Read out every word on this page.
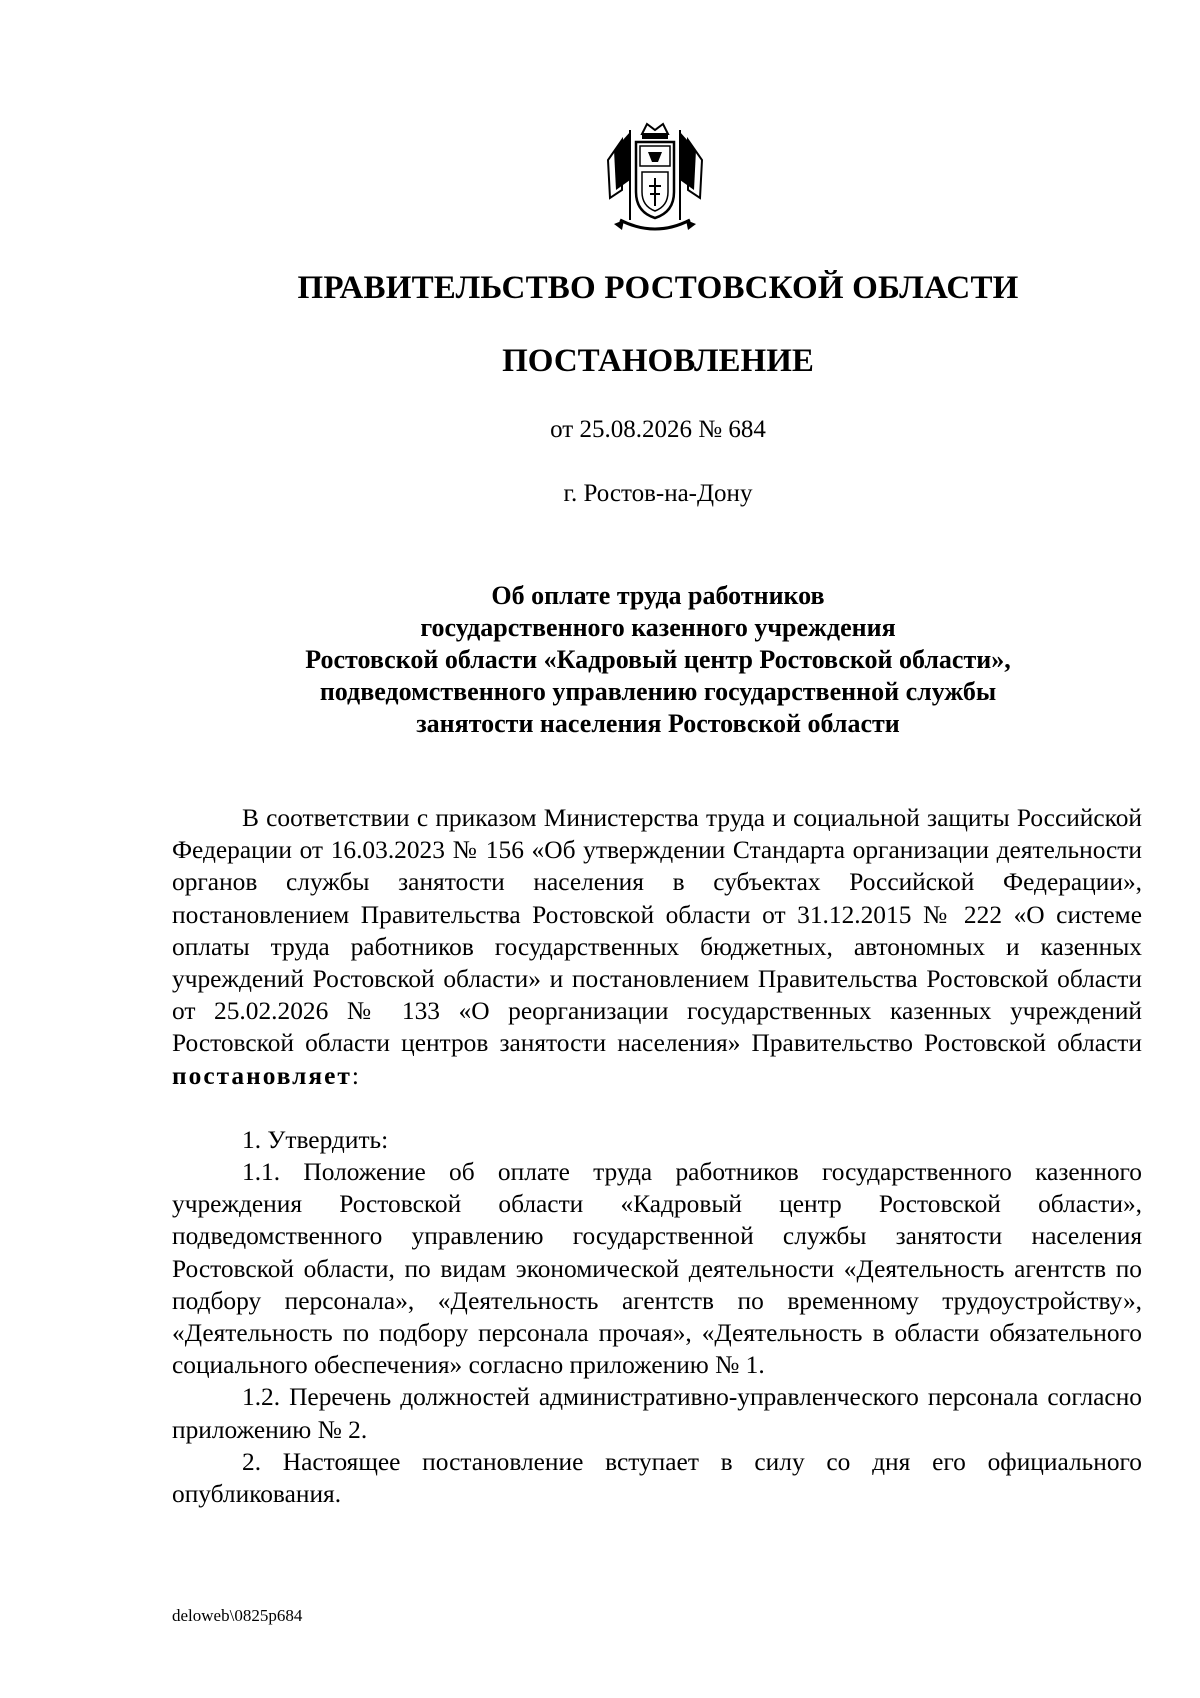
ПРАВИТЕЛЬСТВО РОСТОВСКОЙ ОБЛАСТИ
ПОСТАНОВЛЕНИЕ
от 25.08.2026 № 684
г. Ростов-на-Дону
Об оплате труда работников
государственного казенного учреждения
Ростовской области «Кадровый центр Ростовской области»,
подведомственного управлению государственной службы
занятости населения Ростовской области

В соответствии с приказом Министерства труда и социальной защиты Российской Федерации от 16.03.2023 № 156 «Об утверждении Стандарта организации деятельности органов службы занятости населения в субъектах Российской Федерации», постановлением Правительства Ростовской области от 31.12.2015 № 222 «О системе оплаты труда работников государственных бюджетных, автономных и казенных учреждений Ростовской области» и постановлением Правительства Ростовской области от 25.02.2026 № 133 «О реорганизации государственных казенных учреждений Ростовской области центров занятости населения» Правительство Ростовской области постановляет:

1. Утвердить:

1.1. Положение об оплате труда работников государственного казенного учреждения Ростовской области «Кадровый центр Ростовской области», подведомственного управлению государственной службы занятости населения Ростовской области, по видам экономической деятельности «Деятельность агентств по подбору персонала», «Деятельность агентств по временному трудоустройству», «Деятельность по подбору персонала прочая», «Деятельность в области обязательного социального обеспечения» согласно приложению № 1.

1.2. Перечень должностей административно-управленческого персонала согласно приложению № 2.

2. Настоящее постановление вступает в силу со дня его официального опубликования.

deloweb\0825p684
